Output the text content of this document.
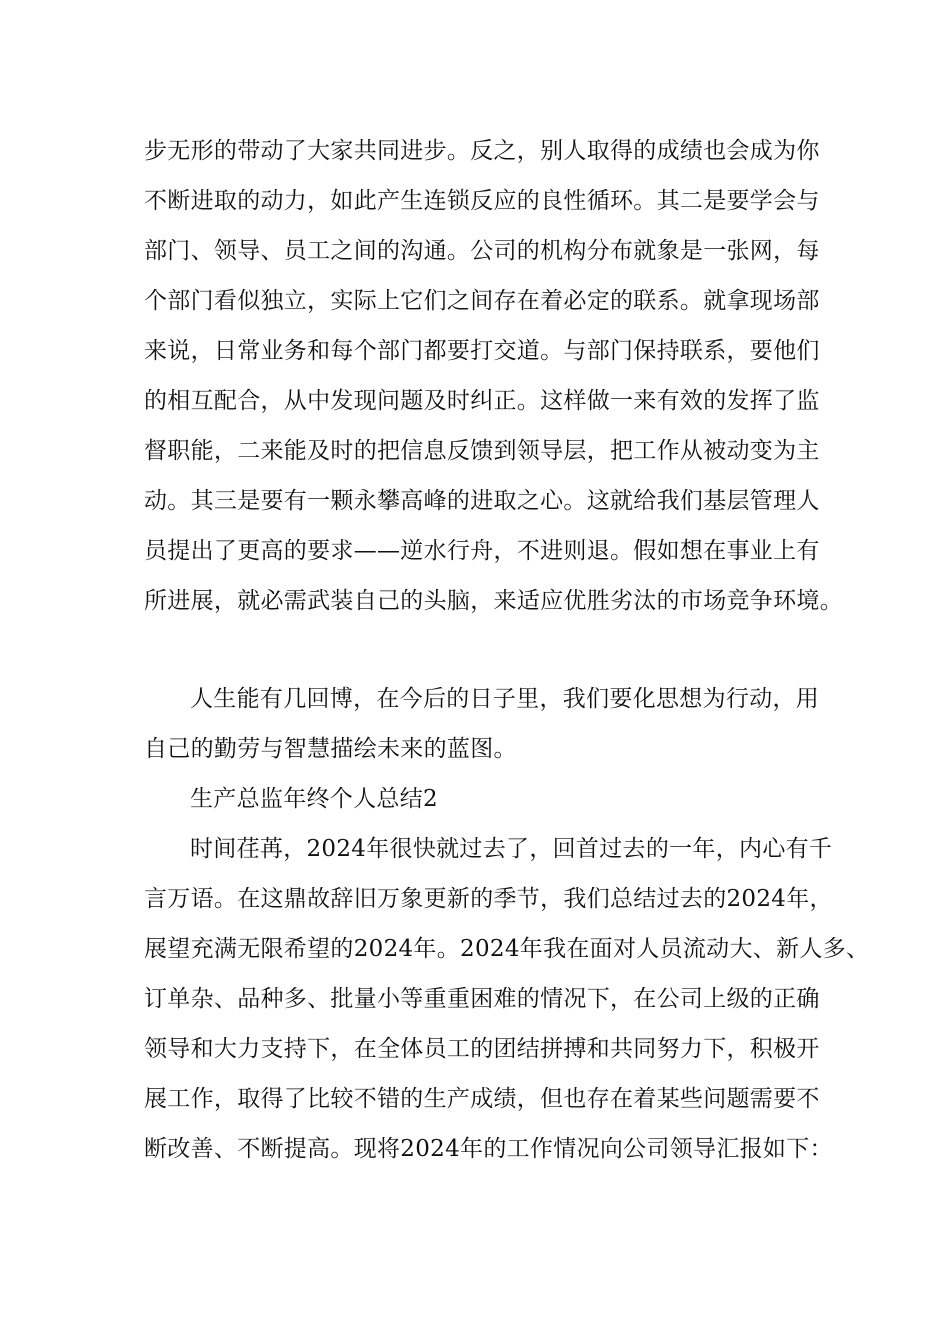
步无形的带动了大家共同进步。反之，别人取得的成绩也会成为你
不断进取的动力，如此产生连锁反应的良性循环。其二是要学会与
部门、领导、员工之间的沟通。公司的机构分布就象是一张网，每
个部门看似独立，实际上它们之间存在着必定的联系。就拿现场部
来说，日常业务和每个部门都要打交道。与部门保持联系，要他们
的相互配合，从中发现问题及时纠正。这样做一来有效的发挥了监
督职能，二来能及时的把信息反馈到领导层，把工作从被动变为主
动。其三是要有一颗永攀高峰的进取之心。这就给我们基层管理人
员提出了更高的要求——逆水行舟，不进则退。假如想在事业上有
所进展，就必需武装自己的头脑，来适应优胜劣汰的市场竞争环境。
人生能有几回博，在今后的日子里，我们要化思想为行动，用
自己的勤劳与智慧描绘未来的蓝图。
生产总监年终个人总结2
时间荏苒，2024年很快就过去了，回首过去的一年，内心有千
言万语。在这鼎故辞旧万象更新的季节，我们总结过去的2024年，
展望充满无限希望的2024年。2024年我在面对人员流动大、新人多、
订单杂、品种多、批量小等重重困难的情况下，在公司上级的正确
领导和大力支持下，在全体员工的团结拼搏和共同努力下，积极开
展工作，取得了比较不错的生产成绩，但也存在着某些问题需要不
断改善、不断提高。现将2024年的工作情况向公司领导汇报如下：
